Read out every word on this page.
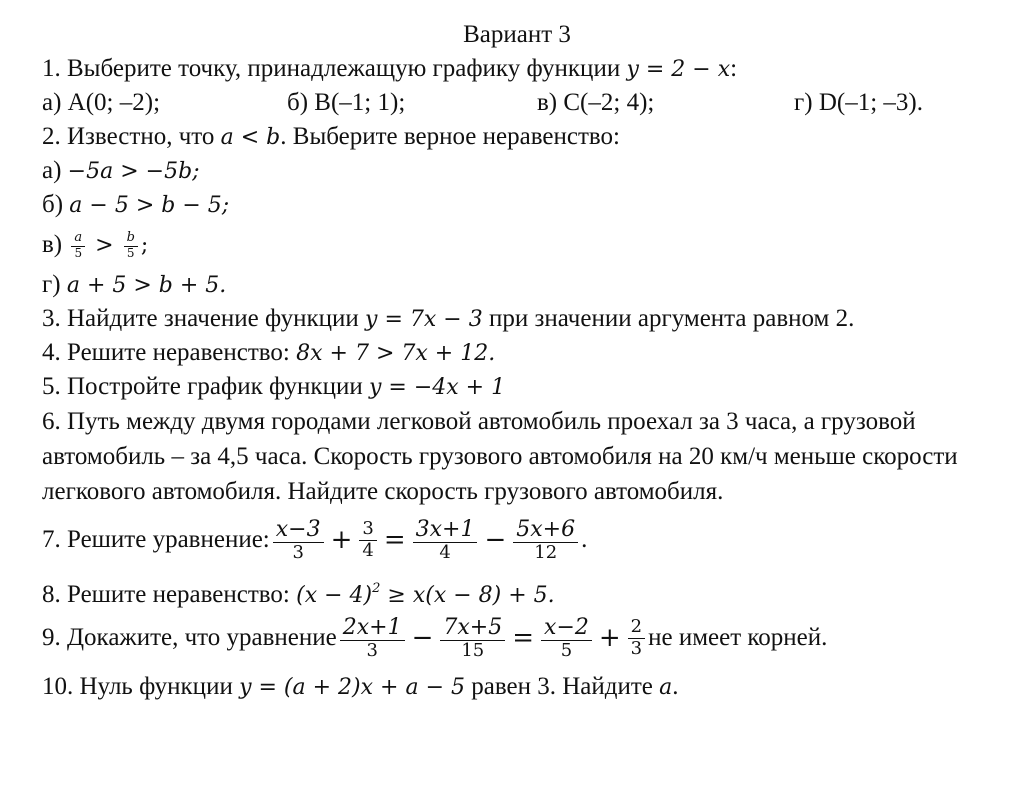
Вариант 3
1. Выберите точку, принадлежащую графику функции y = 2 − x:
а) A(0; –2);	б) B(–1; 1);	в) C(–2; 4);	г) D(–1; –3).
2. Известно, что a < b. Выберите верное неравенство:
а) −5a > −5b;
б) a − 5 > b − 5;
$в) \frac{a}{5} > \frac{b}{5}$ ;
г) a + 5 > b + 5.
3. Найдите значение функции y = 7x − 3 при значении аргумента равном 2.
4. Решите неравенство: 8x + 7 > 7x + 12.
5. Постройте график функции y = −4x + 1
6. Путь между двумя городами легковой автомобиль проехал за 3 часа, а грузовой
автомобиль – за 4,5 часа. Скорость грузового автомобиля на 20 км/ч меньше скорости
легкового автомобиля. Найдите скорость грузового автомобиля.
7. Решите уравнение: $\frac{x-3}{3} + \frac{3}{4} = \frac{3x+1}{4} - \frac{5x+6}{12}$ .
8. Решите неравенство: $(x - 4)^2 \ge x(x - 8) + 5$.
9. Докажите, что уравнение $\frac{2x+1}{3} - \frac{7x+5}{15} = \frac{x-2}{5} + \frac{2}{3}$ не имеет корней.
10. Нуль функции y = (a + 2)x + a − 5 равен 3. Найдите a.
